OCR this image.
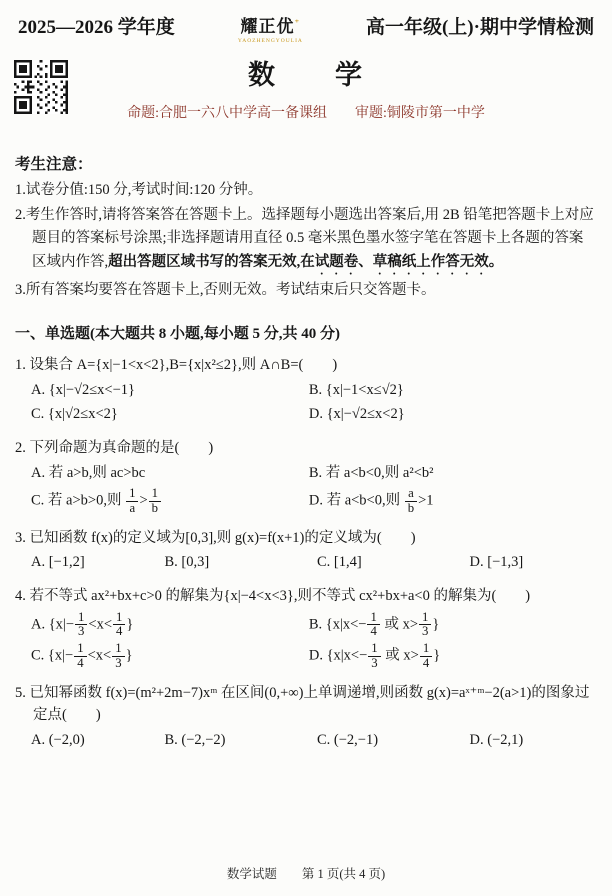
2025—2026 学年度	耀正优⁺
YAOZHENGYOULIA
高一年级(上)·期中学情检测
数　　学
命题:合肥一六八中学高一备课组　　审题:铜陵市第一中学

考生注意：

1.试卷分值:150 分,考试时间:120 分钟。

2.考生作答时,请将答案答在答题卡上。选择题每小题选出答案后,用 2B 铅笔把答题卡上对应题目的答案标号涂黑;非选择题请用直径 0.5 毫米黑色墨水签字笔在答题卡上各题的答案区域内作答,超出答题区域书写的答案无效,在试题卷、草稿纸上作答无效。

3.所有答案均要答在答题卡上,否则无效。考试结束后只交答题卡。

一、单选题(本大题共 8 小题,每小题 5 分,共 40 分)

1. 设集合 A={x|−1<x<2},B={x|x²≤2},则 A∩B=(　　)

A. {x|−√2≤x<−1}	B. {x|−1<x≤√2}
C. {x|√2≤x<2}	D. {x|−√2≤x<2}

2. 下列命题为真命题的是(　　)

A. 若 a>b,则 ac>bc	B. 若 a<b<0,则 a²<b²
C. 若 a>b>0,则 $\frac{1}{a} > \frac{1}{b}$	D. 若 a<b<0,则 $\frac{a}{b} >1$

3. 已知函数 f(x)的定义域为[0,3],则 g(x)=f(x+1)的定义域为(　　)

A. [−1,2]	B. [0,3]	C. [1,4]	D. [−1,3]

4. 若不等式 ax²+bx+c>0 的解集为{x|−4<x<3},则不等式 cx²+bx+a<0 的解集为(　　)

A. {$x|- \frac{1}{3} <x< \frac{1}{4}$ }	B. {$x|x<- \frac{1}{4}$ 或 $x> \frac{1}{3}$ }
C. {$x|- \frac{1}{4} <x< \frac{1}{3}$ }	D. {$x|x<- \frac{1}{3}$ 或 $x> \frac{1}{4}$ }

5. 已知幂函数 f(x)=(m²+2m−7)xᵐ 在区间(0,+∞)上单调递增,则函数 g(x)=aˣ⁺ᵐ−2(a>1)的图象过定点(　　)

A. (−2,0)	B. (−2,−2)	C. (−2,−1)	D. (−2,1)
数学试题　　第 1 页(共 4 页)
